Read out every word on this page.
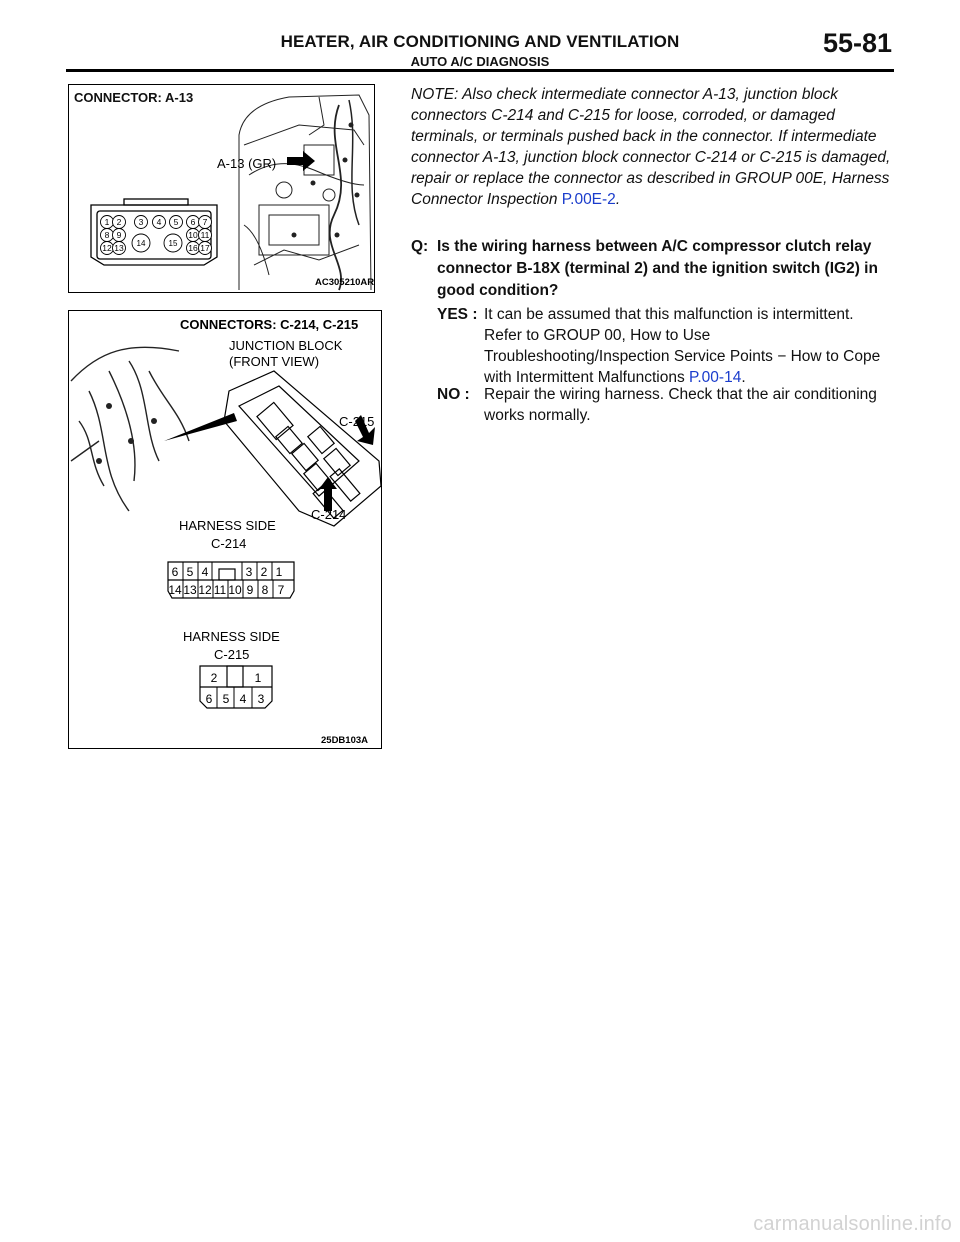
HEATER, AIR CONDITIONING AND VENTILATION
AUTO A/C DIAGNOSIS
55-81
CONNECTOR: A-13
A-13 (GR)
1 2 3 4 5 6 7
8 9	10 11
12 13 14	15 16 17
AC305210AR
CONNECTORS: C-214, C-215
JUNCTION BLOCK
(FRONT VIEW)
C-215
C-214
HARNESS SIDE
C-214
6 5 4	3 2 1
14 13 12 11 10 9 8 7
HARNESS SIDE
C-215
2	1
6 5 4 3
25DB103A
NOTE: Also check intermediate connector A-13, junction block connectors C-214 and C-215 for loose, corroded, or damaged terminals, or terminals pushed back in the connector. If intermediate connector A-13, junction block connector C-214 or C-215 is damaged, repair or replace the connector as described in GROUP 00E, Harness Connector Inspection P.00E-2.
Q: Is the wiring harness between A/C compressor clutch relay connector B-18X (terminal 2) and the ignition switch (IG2) in good condition?
YES : It can be assumed that this malfunction is intermittent. Refer to GROUP 00, How to Use Troubleshooting/Inspection Service Points − How to Cope with Intermittent Malfunctions P.00-14.
NO : Repair the wiring harness. Check that the air conditioning works normally.
carmanualsonline.info
